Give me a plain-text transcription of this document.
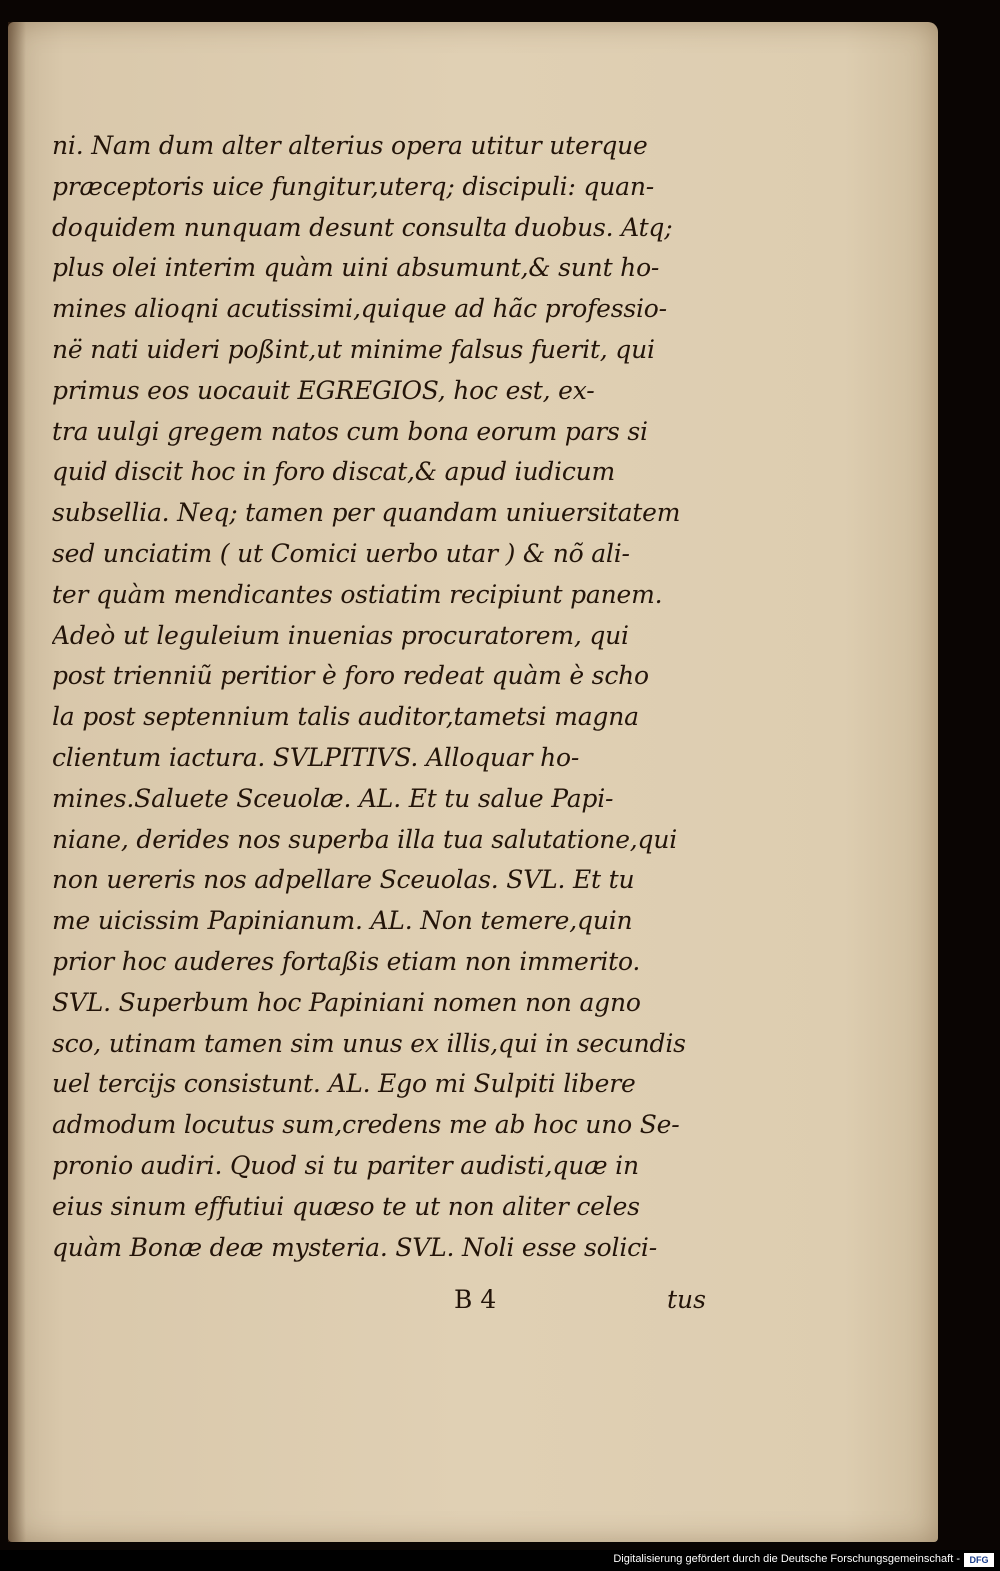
ni. Nam dum alter alterius opera utitur uterque
præceptoris uice fungitur,uterq; discipuli: quan-
doquidem nunquam desunt consulta duobus. Atq;
plus olei interim quàm uini absumunt,& sunt ho-
mines alioqni acutissimi,quique ad hãc professio-
në nati uideri poßint,ut minime falsus fuerit, qui
primus eos uocauit EGREGIOS, hoc est, ex-
tra uulgi gregem natos cum bona eorum pars si
quid discit hoc in foro discat,& apud iudicum
subsellia. Neq; tamen per quandam uniuersitatem
sed unciatim ( ut Comici uerbo utar ) & nõ ali-
ter quàm mendicantes ostiatim recipiunt panem.
Adeò ut leguleium inuenias procuratorem, qui
post trienniũ peritior è foro redeat quàm è scho
la post septennium talis auditor,tametsi magna
clientum iactura. SVLPITIVS. Alloquar ho-
mines.Saluete Sceuolæ. AL. Et tu salue Papi-
niane, derides nos superba illa tua salutatione,qui
non uereris nos adpellare Sceuolas. SVL. Et tu
me uicissim Papinianum. AL. Non temere,quin
prior hoc auderes fortaßis etiam non immerito.
SVL. Superbum hoc Papiniani nomen non agno
sco, utinam tamen sim unus ex illis,qui in secundis
uel tercijs consistunt. AL. Ego mi Sulpiti libere
admodum locutus sum,credens me ab hoc uno Se-
pronio audiri. Quod si tu pariter audisti,quæ in
eius sinum effutiui quæso te ut non aliter celes
quàm Bonæ deæ mysteria. SVL. Noli esse solici-
B 4	tus
Digitalisierung gefördert durch die Deutsche Forschungsgemeinschaft -	DFG
